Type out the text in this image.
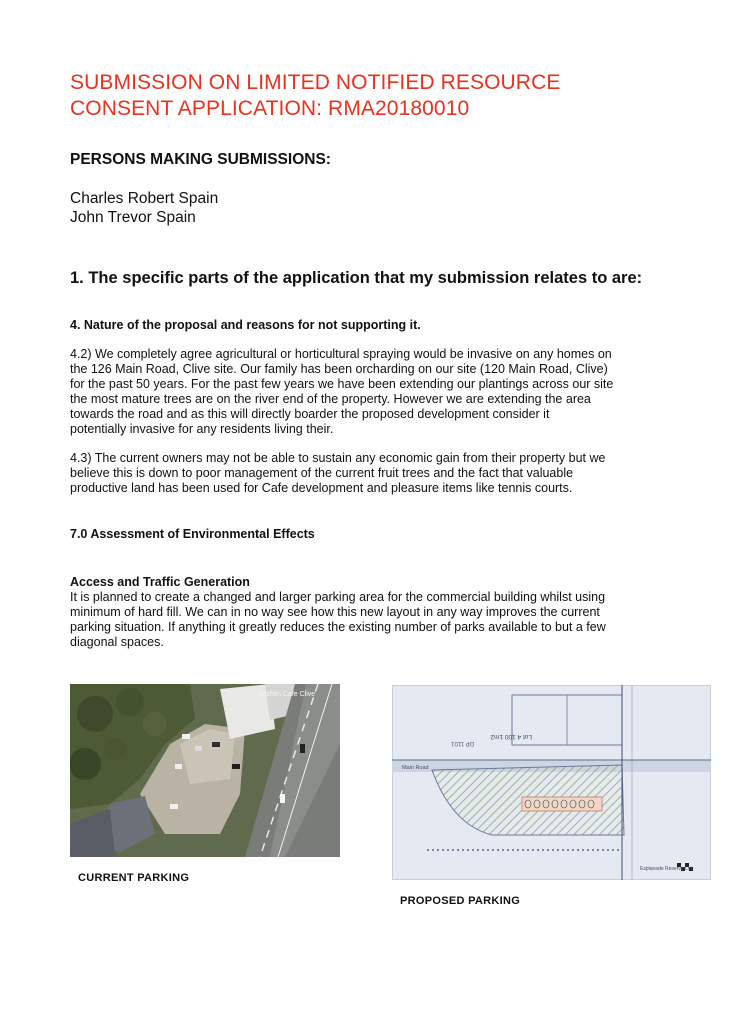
SUBMISSION ON LIMITED NOTIFIED RESOURCE
CONSENT APPLICATION: RMA20180010
PERSONS MAKING SUBMISSIONS:
Charles Robert Spain
John Trevor Spain
1. The specific parts of the application that my submission relates to are:
4. Nature of the proposal and reasons for not supporting it.
4.2) We completely agree agricultural or horticultural spraying would be invasive on any homes on
the 126 Main Road, Clive site. Our family has been orcharding on our site (120 Main Road, Clive)
for the past 50 years. For the past few years we have been extending our plantings across our site
the most mature trees are on the river end of the property. However we are extending the area
towards the road and as this will directly boarder the proposed development consider it
potentially invasive for any residents living their.
4.3) The current owners may not be able to sustain any economic gain from their property but we
believe this is down to poor management of the current fruit trees and the fact that valuable
productive land has been used for Cafe development and pleasure items like tennis courts.
7.0 Assessment of Environmental Effects
Access and Traffic Generation
It is planned to create a changed and larger parking area for the commercial building whilst using
minimum of hard fill. We can in no way see how this new layout in any way improves the current
parking situation. If anything it greatly reduces the existing number of parks available to but a few
diagonal spaces.
Bushlin Cafe Clive
DP 1101
Lot 4 100 1m2
Main Road
Esplanade Reserve Lot
CURRENT PARKING
PROPOSED PARKING
